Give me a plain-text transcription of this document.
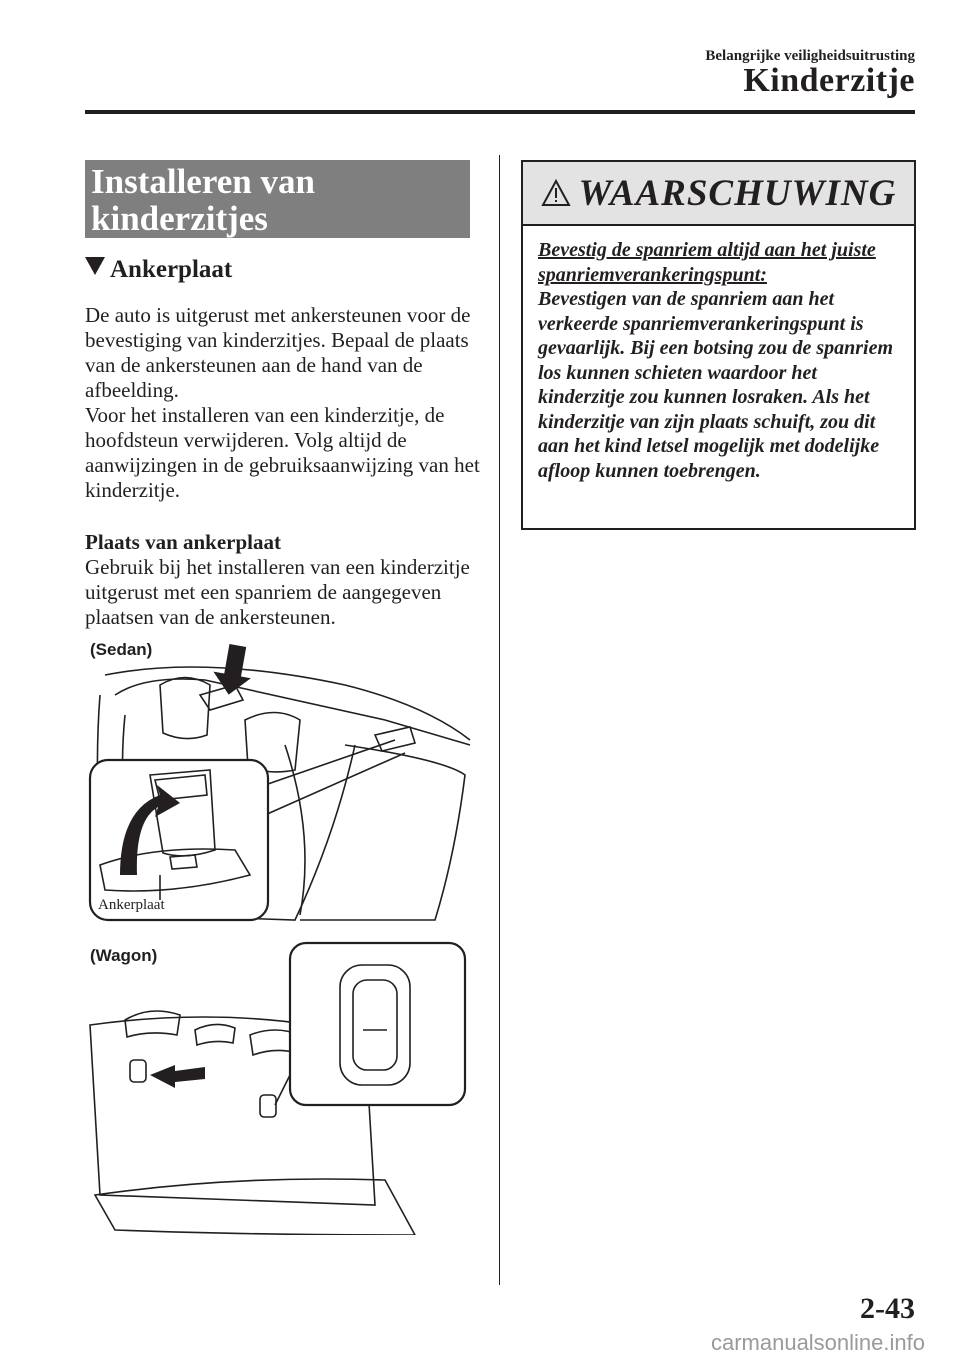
Belangrijke veiligheidsuitrusting
Kinderzitje
Installeren van
kinderzitjes
Ankerplaat

De auto is uitgerust met ankersteunen voor de bevestiging van kinderzitjes. Bepaal de plaats van de ankersteunen aan de hand van de afbeelding.

Voor het installeren van een kinderzitje, de hoofdsteun verwijderen. Volg altijd de aanwijzingen in de gebruiksaanwijzing van het kinderzitje.

Plaats van ankerplaat

Gebruik bij het installeren van een kinderzitje uitgerust met een spanriem de aangegeven plaatsen van de ankersteunen.

(Sedan)
(Wagon)
Ankerplaat
WAARSCHUWING

Bevestig de spanriem altijd aan het juiste spanriemverankeringspunt:
Bevestigen van de spanriem aan het verkeerde spanriemverankeringspunt is gevaarlijk. Bij een botsing zou de spanriem los kunnen schieten waardoor het kinderzitje zou kunnen losraken. Als het kinderzitje van zijn plaats schuift, zou dit aan het kind letsel mogelijk met dodelijke afloop kunnen toebrengen.

2-43
carmanualsonline.info
